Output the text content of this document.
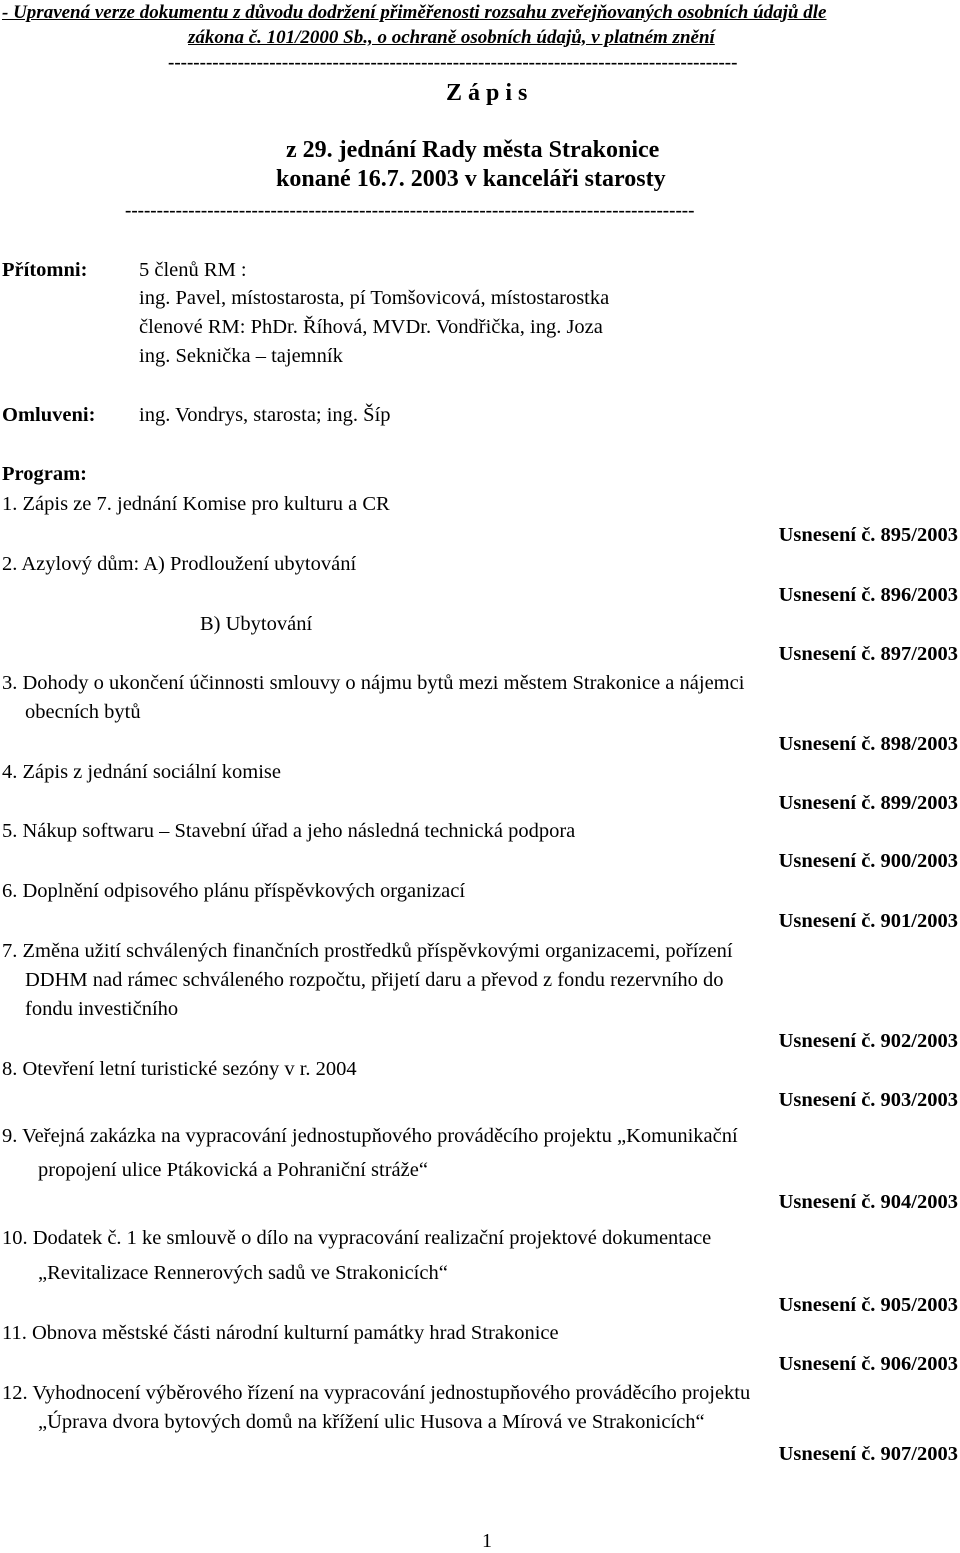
- Upravená verze dokumentu z důvodu dodržení přiměřenosti rozsahu zveřejňovaných osobních údajů dle
zákona č. 101/2000 Sb., o ochraně osobních údajů, v platném znění
------------------------------------------------------------------------------------------
Z á p i s
z 29. jednání Rady města Strakonice
konané 16.7. 2003 v kanceláři starosty
------------------------------------------------------------------------------------------
Přítomni:	5 členů RM :
ing. Pavel, místostarosta, pí Tomšovicová, místostarostka
členové RM: PhDr. Říhová, MVDr. Vondřička, ing. Joza
ing. Seknička – tajemník
Omluveni: ing. Vondrys, starosta; ing. Šíp
Program:
1. Zápis ze 7. jednání Komise pro kulturu a CR
Usnesení č. 895/2003
2. Azylový dům: A) Prodloužení ubytování
Usnesení č. 896/2003
B) Ubytování
Usnesení č. 897/2003
3. Dohody o ukončení účinnosti smlouvy o nájmu bytů mezi městem Strakonice a nájemci
obecních bytů
Usnesení č. 898/2003
4. Zápis z jednání sociální komise
Usnesení č. 899/2003
5. Nákup softwaru – Stavební úřad a jeho následná technická podpora
Usnesení č. 900/2003
6. Doplnění odpisového plánu příspěvkových organizací
Usnesení č. 901/2003
7. Změna užití schválených finančních prostředků příspěvkovými organizacemi, pořízení
DDHM nad rámec schváleného rozpočtu, přijetí daru a převod z fondu rezervního do
fondu investičního
Usnesení č. 902/2003
8. Otevření letní turistické sezóny v r. 2004
Usnesení č. 903/2003
9. Veřejná zakázka na vypracování jednostupňového prováděcího projektu „Komunikační
propojení ulice Ptákovická a Pohraniční stráže“
Usnesení č. 904/2003
10. Dodatek č. 1 ke smlouvě o dílo na vypracování realizační projektové dokumentace
„Revitalizace Rennerových sadů ve Strakonicích“
Usnesení č. 905/2003
11. Obnova městské části národní kulturní památky hrad Strakonice
Usnesení č. 906/2003
12. Vyhodnocení výběrového řízení na vypracování jednostupňového prováděcího projektu
„Úprava dvora bytových domů na křížení ulic Husova a Mírová ve Strakonicích“
Usnesení č. 907/2003
1
